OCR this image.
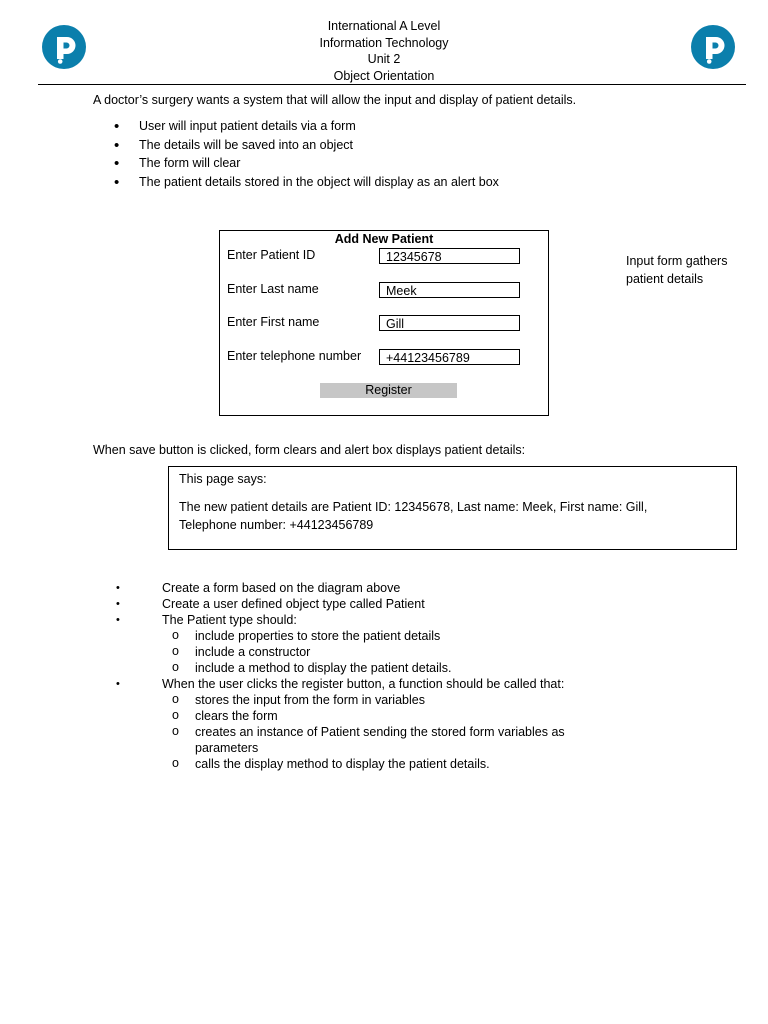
International A Level
Information Technology
Unit 2
Object Orientation
A doctor’s surgery wants a system that will allow the input and display of patient details.
• User will input patient details via a form
• The details will be saved into an object
• The form will clear
• The patient details stored in the object will display as an alert box
Add New Patient
Enter Patient ID	12345678
Enter Last name	Meek
Enter First name	Gill
Enter telephone number	+44123456789
Register
Input form gathers patient details
When save button is clicked, form clears and alert box displays patient details:
This page says:
The new patient details are Patient ID: 12345678, Last name: Meek, First name: Gill, Telephone number: +44123456789
• Create a form based on the diagram above
• Create a user defined object type called Patient
• The Patient type should:
o include properties to store the patient details
o include a constructor
o include a method to display the patient details.
• When the user clicks the register button, a function should be called that:
o stores the input from the form in variables
o clears the form
o creates an instance of Patient sending the stored form variables as parameters
o calls the display method to display the patient details.
